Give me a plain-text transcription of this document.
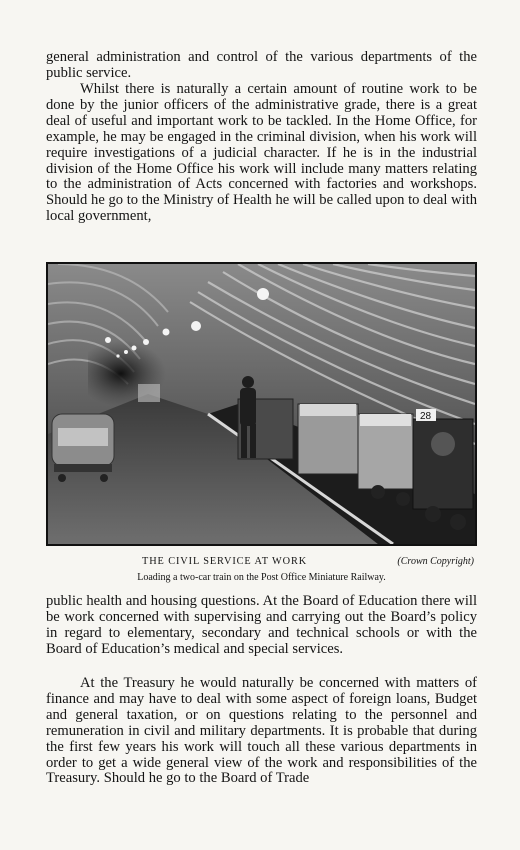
general administration and control of the various departments of the public service.

Whilst there is naturally a certain amount of routine work to be done by the junior officers of the administrative grade, there is a great deal of useful and important work to be tackled. In the Home Office, for example, he may be engaged in the criminal division, when his work will require investigations of a judicial character. If he is in the industrial division of the Home Office his work will include many matters relating to the administration of Acts concerned with factories and workshops. Should he go to the Ministry of Health he will be called upon to deal with local government,

28
THE CIVIL SERVICE AT WORK	(Crown Copyright)
Loading a two-car train on the Post Office Miniature Railway.

public health and housing questions. At the Board of Education there will be work concerned with supervising and carrying out the Board’s policy in regard to elementary, secondary and technical schools or with the Board of Education’s medical and special services.

At the Treasury he would naturally be concerned with matters of finance and may have to deal with some aspect of foreign loans, Budget and general taxation, or on questions relating to the personnel and remuneration in civil and military departments. It is probable that during the first few years his work will touch all these various departments in order to get a wide general view of the work and responsibilities of the Treasury. Should he go to the Board of Trade
